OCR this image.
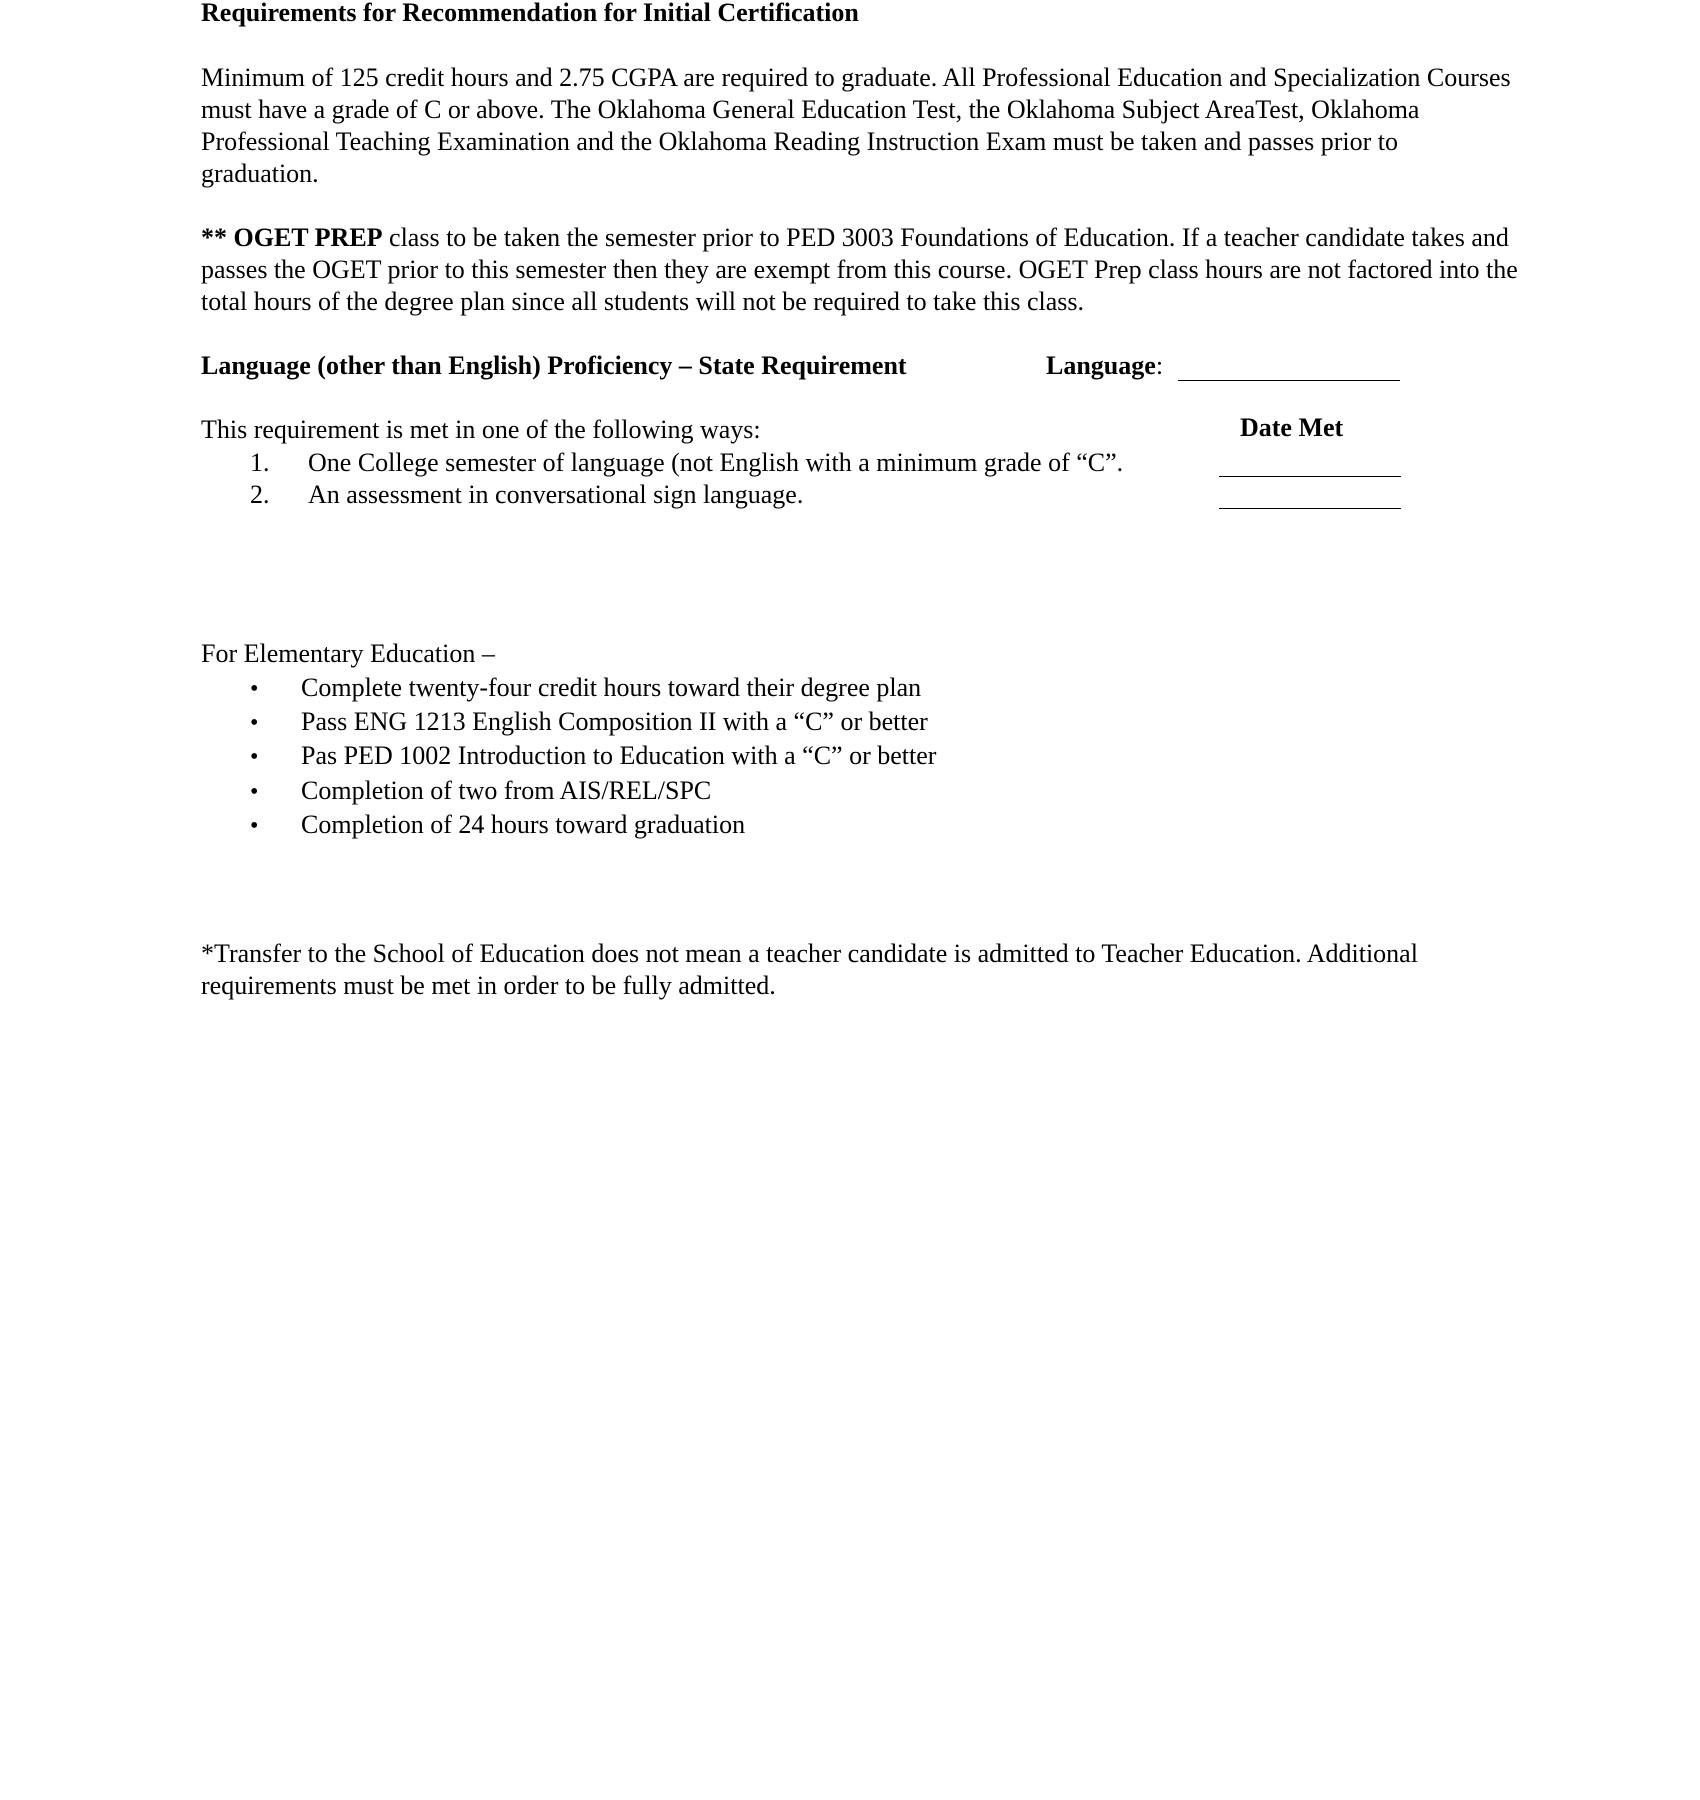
Requirements for Recommendation for Initial Certification
Minimum of 125 credit hours and 2.75 CGPA are required to graduate. All Professional Education and Specialization Courses must have a grade of C or above. The Oklahoma General Education Test, the Oklahoma Subject AreaTest, Oklahoma Professional Teaching Examination and the Oklahoma Reading Instruction Exam must be taken and passes prior to graduation.
** OGET PREP class to be taken the semester prior to PED 3003 Foundations of Education. If a teacher candidate takes and passes the OGET prior to this semester then they are exempt from this course. OGET Prep class hours are not factored into the total hours of the degree plan since all students will not be required to take this class.
Language (other than English) Proficiency – State Requirement	Language:
This requirement is met in one of the following ways:	Date Met
1. One College semester of language (not English with a minimum grade of “C”.
2. An assessment in conversational sign language.
For Elementary Education –
• Complete twenty-four credit hours toward their degree plan
• Pass ENG 1213 English Composition II with a “C” or better
• Pas PED 1002 Introduction to Education with a “C” or better
• Completion of two from AIS/REL/SPC
• Completion of 24 hours toward graduation
*Transfer to the School of Education does not mean a teacher candidate is admitted to Teacher Education. Additional requirements must be met in order to be fully admitted.
